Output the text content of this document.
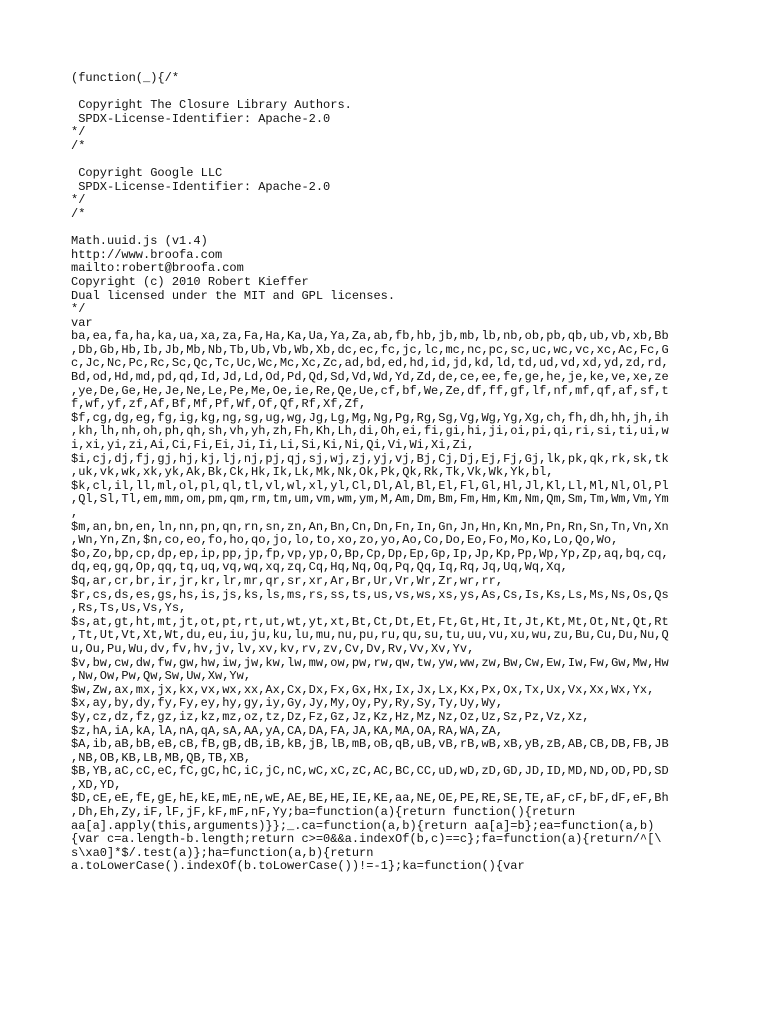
(function(_){/*
Copyright The Closure Library Authors.
SPDX-License-Identifier: Apache-2.0
*/
/*
Copyright Google LLC
SPDX-License-Identifier: Apache-2.0
*/
/*
Math.uuid.js (v1.4)
http://www.broofa.com
mailto:robert@broofa.com
Copyright (c) 2010 Robert Kieffer
Dual licensed under the MIT and GPL licenses.
*/
var
ba,ea,fa,ha,ka,ua,xa,za,Fa,Ha,Ka,Ua,Ya,Za,ab,fb,hb,jb,mb,lb,nb,ob,pb,qb,ub,vb,xb,Bb
,Db,Gb,Hb,Ib,Jb,Mb,Nb,Tb,Ub,Vb,Wb,Xb,dc,ec,fc,jc,lc,mc,nc,pc,sc,uc,wc,vc,xc,Ac,Fc,G
c,Jc,Nc,Pc,Rc,Sc,Qc,Tc,Uc,Wc,Mc,Xc,Zc,ad,bd,ed,hd,id,jd,kd,ld,td,ud,vd,xd,yd,zd,rd,
Bd,od,Hd,md,pd,qd,Id,Jd,Ld,Od,Pd,Qd,Sd,Vd,Wd,Yd,Zd,de,ce,ee,fe,ge,he,je,ke,ve,xe,ze
,ye,De,Ge,He,Je,Ne,Le,Pe,Me,Oe,ie,Re,Qe,Ue,cf,bf,We,Ze,df,ff,gf,lf,nf,mf,qf,af,sf,t
f,wf,yf,zf,Af,Bf,Mf,Pf,Wf,Of,Qf,Rf,Xf,Zf,
$f,cg,dg,eg,fg,ig,kg,ng,sg,ug,wg,Jg,Lg,Mg,Ng,Pg,Rg,Sg,Vg,Wg,Yg,Xg,ch,fh,dh,hh,jh,ih
,kh,lh,nh,oh,ph,qh,sh,vh,yh,zh,Fh,Kh,Lh,di,Oh,ei,fi,gi,hi,ji,oi,pi,qi,ri,si,ti,ui,w
i,xi,yi,zi,Ai,Ci,Fi,Ei,Ji,Ii,Li,Si,Ki,Ni,Qi,Vi,Wi,Xi,Zi,
$i,cj,dj,fj,gj,hj,kj,lj,nj,pj,qj,sj,wj,zj,yj,vj,Bj,Cj,Dj,Ej,Fj,Gj,lk,pk,qk,rk,sk,tk
,uk,vk,wk,xk,yk,Ak,Bk,Ck,Hk,Ik,Lk,Mk,Nk,Ok,Pk,Qk,Rk,Tk,Vk,Wk,Yk,bl,
$k,cl,il,ll,ml,ol,pl,ql,tl,vl,wl,xl,yl,Cl,Dl,Al,Bl,El,Fl,Gl,Hl,Jl,Kl,Ll,Ml,Nl,Ol,Pl
,Ql,Sl,Tl,em,mm,om,pm,qm,rm,tm,um,vm,wm,ym,M,Am,Dm,Bm,Fm,Hm,Km,Nm,Qm,Sm,Tm,Wm,Vm,Ym
,
$m,an,bn,en,ln,nn,pn,qn,rn,sn,zn,An,Bn,Cn,Dn,Fn,In,Gn,Jn,Hn,Kn,Mn,Pn,Rn,Sn,Tn,Vn,Xn
,Wn,Yn,Zn,$n,co,eo,fo,ho,qo,jo,lo,to,xo,zo,yo,Ao,Co,Do,Eo,Fo,Mo,Ko,Lo,Qo,Wo,
$o,Zo,bp,cp,dp,ep,ip,pp,jp,fp,vp,yp,O,Bp,Cp,Dp,Ep,Gp,Ip,Jp,Kp,Pp,Wp,Yp,Zp,aq,bq,cq,
dq,eq,gq,Op,qq,tq,uq,vq,wq,xq,zq,Cq,Hq,Nq,Oq,Pq,Qq,Iq,Rq,Jq,Uq,Wq,Xq,
$q,ar,cr,br,ir,jr,kr,lr,mr,qr,sr,xr,Ar,Br,Ur,Vr,Wr,Zr,wr,rr,
$r,cs,ds,es,gs,hs,is,js,ks,ls,ms,rs,ss,ts,us,vs,ws,xs,ys,As,Cs,Is,Ks,Ls,Ms,Ns,Os,Qs
,Rs,Ts,Us,Vs,Ys,
$s,at,gt,ht,mt,jt,ot,pt,rt,ut,wt,yt,xt,Bt,Ct,Dt,Et,Ft,Gt,Ht,It,Jt,Kt,Mt,Ot,Nt,Qt,Rt
,Tt,Ut,Vt,Xt,Wt,du,eu,iu,ju,ku,lu,mu,nu,pu,ru,qu,su,tu,uu,vu,xu,wu,zu,Bu,Cu,Du,Nu,Q
u,Ou,Pu,Wu,dv,fv,hv,jv,lv,xv,kv,rv,zv,Cv,Dv,Rv,Vv,Xv,Yv,
$v,bw,cw,dw,fw,gw,hw,iw,jw,kw,lw,mw,ow,pw,rw,qw,tw,yw,ww,zw,Bw,Cw,Ew,Iw,Fw,Gw,Mw,Hw
,Nw,Ow,Pw,Qw,Sw,Uw,Xw,Yw,
$w,Zw,ax,mx,jx,kx,vx,wx,xx,Ax,Cx,Dx,Fx,Gx,Hx,Ix,Jx,Lx,Kx,Px,Ox,Tx,Ux,Vx,Xx,Wx,Yx,
$x,ay,by,dy,fy,Fy,ey,hy,gy,iy,Gy,Jy,My,Oy,Py,Ry,Sy,Ty,Uy,Wy,
$y,cz,dz,fz,gz,iz,kz,mz,oz,tz,Dz,Fz,Gz,Jz,Kz,Hz,Mz,Nz,Oz,Uz,Sz,Pz,Vz,Xz,
$z,hA,iA,kA,lA,nA,qA,sA,AA,yA,CA,DA,FA,JA,KA,MA,OA,RA,WA,ZA,
$A,ib,aB,bB,eB,cB,fB,gB,dB,iB,kB,jB,lB,mB,oB,qB,uB,vB,rB,wB,xB,yB,zB,AB,CB,DB,FB,JB
,NB,OB,KB,LB,MB,QB,TB,XB,
$B,YB,aC,cC,eC,fC,gC,hC,iC,jC,nC,wC,xC,zC,AC,BC,CC,uD,wD,zD,GD,JD,ID,MD,ND,OD,PD,SD
,XD,YD,
$D,cE,eE,fE,gE,hE,kE,mE,nE,wE,AE,BE,HE,IE,KE,aa,NE,OE,PE,RE,SE,TE,aF,cF,bF,dF,eF,Bh
,Dh,Eh,Zy,iF,lF,jF,kF,mF,nF,Yy;ba=function(a){return function(){return
aa[a].apply(this,arguments)}};_.ca=function(a,b){return aa[a]=b};ea=function(a,b)
{var c=a.length-b.length;return c>=0&&a.indexOf(b,c)==c};fa=function(a){return/^[\
s\xa0]*$/.test(a)};ha=function(a,b){return
a.toLowerCase().indexOf(b.toLowerCase())!=-1};ka=function(){var
